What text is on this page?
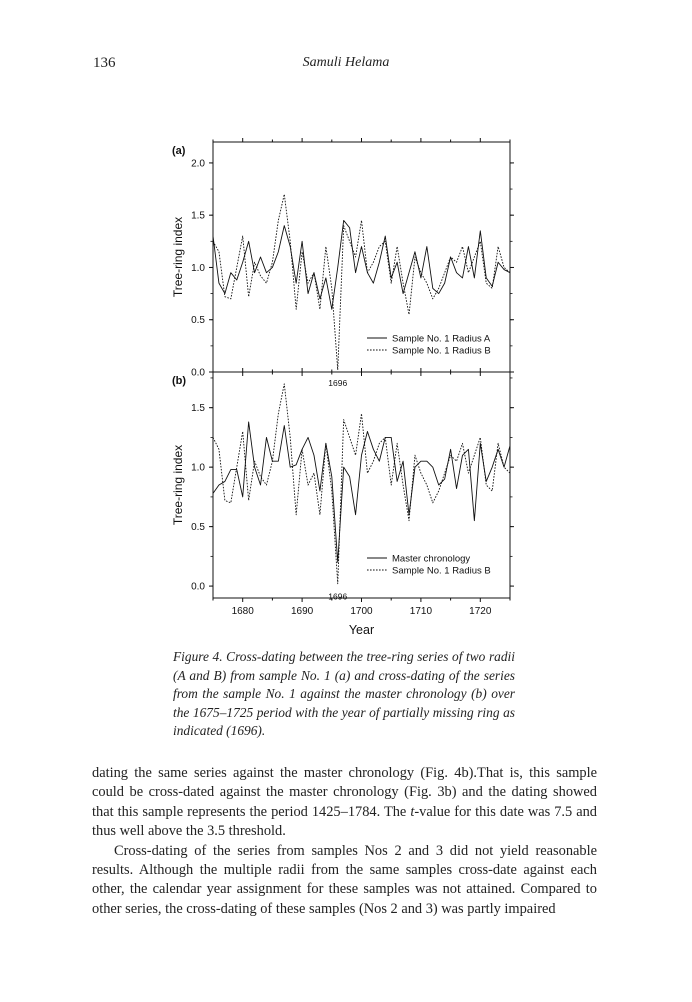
136	Samuli Helama
0.0
0.5
1.0
1.5
2.0
Tree-ring index
(a)
1696
Sample No. 1 Radius A
Sample No. 1 Radius B
0.0
0.5
1.0
1.5
1680	1690	1700	1710	1720
Tree-ring index
Year
(b)
1696
Master chronology
Sample No. 1 Radius B

Figure 4. Cross-dating between the tree-ring series of two radii (A and B) from sample No. 1 (a) and cross-dating of the series from the sample No. 1 against the master chronology (b) over the 1675–1725 period with the year of partially missing ring as indicated (1696).

dating the same series against the master chronology (Fig. 4b).That is, this sample could be cross-dated against the master chronology (Fig. 3b) and the dating showed that this sample represents the period 1425–1784. The t-value for this date was 7.5 and thus well above the 3.5 threshold.

Cross-dating of the series from samples Nos 2 and 3 did not yield reasonable results. Although the multiple radii from the same samples cross-date against each other, the calendar year assignment for these samples was not attained. Compared to other series, the cross-dating of these samples (Nos 2 and 3) was partly impaired
